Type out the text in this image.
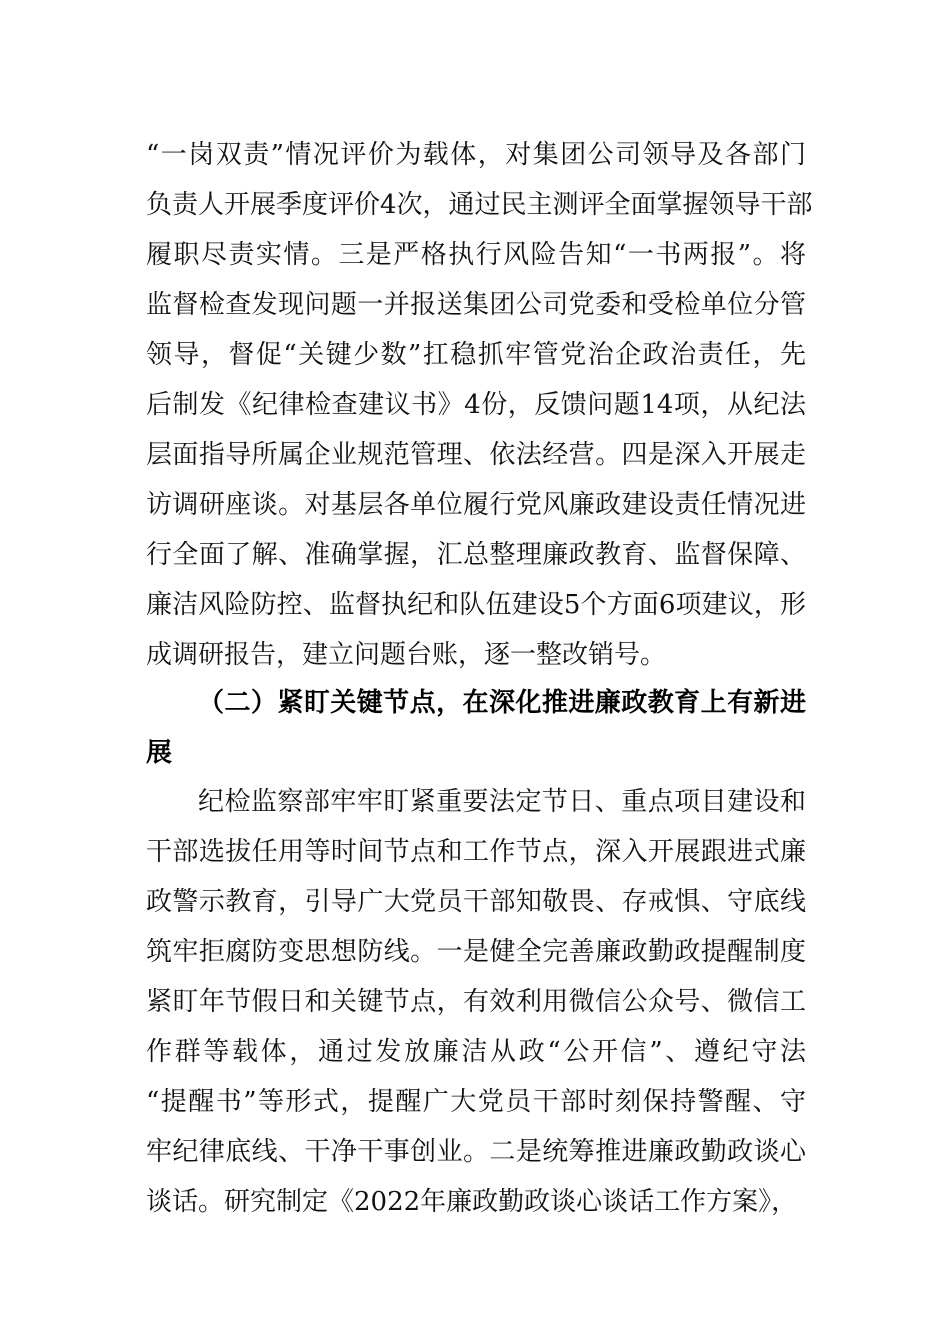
“一岗双责”情况评价为载体，对集团公司领导及各部门
负责人开展季度评价4次，通过民主测评全面掌握领导干部
履职尽责实情。三是严格执行风险告知“一书两报”。将
监督检查发现问题一并报送集团公司党委和受检单位分管
领导，督促“关键少数”扛稳抓牢管党治企政治责任，先
后制发《纪律检查建议书》4份，反馈问题14项，从纪法
层面指导所属企业规范管理、依法经营。四是深入开展走
访调研座谈。对基层各单位履行党风廉政建设责任情况进
行全面了解、准确掌握，汇总整理廉政教育、监督保障、
廉洁风险防控、监督执纪和队伍建设5个方面6项建议，形
成调研报告，建立问题台账，逐一整改销号。
（二）紧盯关键节点，在深化推进廉政教育上有新进
展
纪检监察部牢牢盯紧重要法定节日、重点项目建设和
干部选拔任用等时间节点和工作节点，深入开展跟进式廉
政警示教育，引导广大党员干部知敬畏、存戒惧、守底线
筑牢拒腐防变思想防线。一是健全完善廉政勤政提醒制度
紧盯年节假日和关键节点，有效利用微信公众号、微信工
作群等载体，通过发放廉洁从政“公开信”、遵纪守法
“提醒书”等形式，提醒广大党员干部时刻保持警醒、守
牢纪律底线、干净干事创业。二是统筹推进廉政勤政谈心
谈话。研究制定《2022年廉政勤政谈心谈话工作方案》，
